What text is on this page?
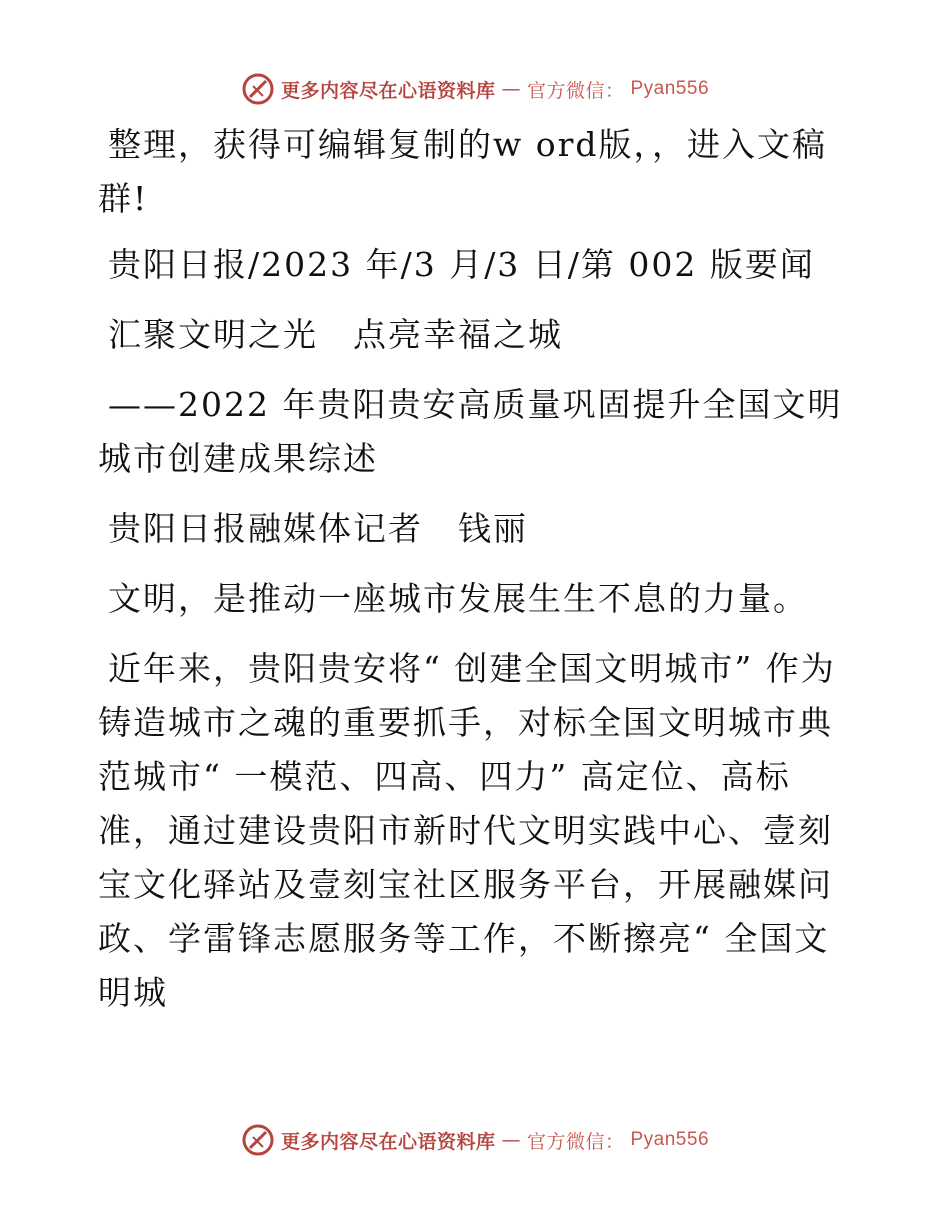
更多内容尽在心语资料库 — 官方微信： Pyan556

整理，获得可编辑复制的w ord版，，进入文稿群!

贵阳日报/2023 年/3 月/3 日/第 002 版要闻

汇聚文明之光　点亮幸福之城

——2022 年贵阳贵安高质量巩固提升全国文明城市创建成果综述

贵阳日报融媒体记者　钱丽

文明，是推动一座城市发展生生不息的力量。

近年来，贵阳贵安将“ 创建全国文明城市” 作为铸造城市之魂的重要抓手，对标全国文明城市典范城市“ 一模范、四高、四力” 高定位、高标准，通过建设贵阳市新时代文明实践中心、壹刻宝文化驿站及壹刻宝社区服务平台，开展融媒问政、学雷锋志愿服务等工作，不断擦亮“ 全国文明城

更多内容尽在心语资料库 — 官方微信： Pyan556
